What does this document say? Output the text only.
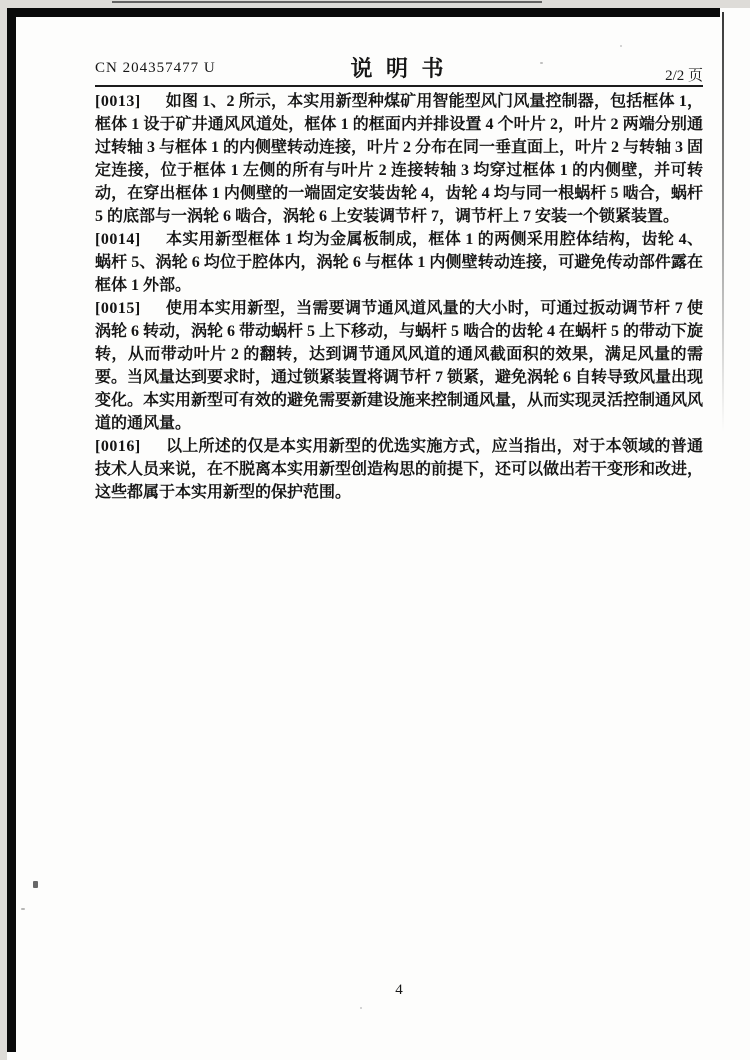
CN 204357477 U	说 明 书	2/2 页

[0013] 如图 1、2 所示，本实用新型种煤矿用智能型风门风量控制器，包括框体 1，框体 1 设于矿井通风风道处，框体 1 的框面内并排设置 4 个叶片 2，叶片 2 两端分别通过转轴 3 与框体 1 的内侧壁转动连接，叶片 2 分布在同一垂直面上，叶片 2 与转轴 3 固定连接，位于框体 1 左侧的所有与叶片 2 连接转轴 3 均穿过框体 1 的内侧壁，并可转动，在穿出框体 1 内侧壁的一端固定安装齿轮 4，齿轮 4 均与同一根蜗杆 5 啮合，蜗杆 5 的底部与一涡轮 6 啮合，涡轮 6 上安装调节杆 7，调节杆上 7 安装一个锁紧装置。

[0014] 本实用新型框体 1 均为金属板制成，框体 1 的两侧采用腔体结构，齿轮 4、蜗杆 5、涡轮 6 均位于腔体内，涡轮 6 与框体 1 内侧壁转动连接，可避免传动部件露在框体 1 外部。

[0015] 使用本实用新型，当需要调节通风道风量的大小时，可通过扳动调节杆 7 使涡轮 6 转动，涡轮 6 带动蜗杆 5 上下移动，与蜗杆 5 啮合的齿轮 4 在蜗杆 5 的带动下旋转，从而带动叶片 2 的翻转，达到调节通风风道的通风截面积的效果，满足风量的需要。当风量达到要求时，通过锁紧装置将调节杆 7 锁紧，避免涡轮 6 自转导致风量出现变化。本实用新型可有效的避免需要新建设施来控制通风量，从而实现灵活控制通风风道的通风量。

[0016] 以上所述的仅是本实用新型的优选实施方式，应当指出，对于本领域的普通技术人员来说，在不脱离本实用新型创造构思的前提下，还可以做出若干变形和改进，这些都属于本实用新型的保护范围。

4
